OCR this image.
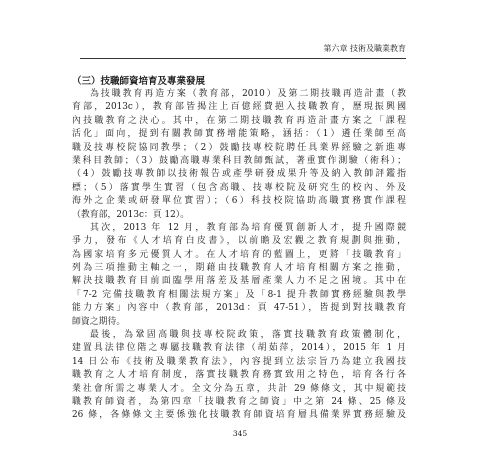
第六章 技術及職業教育
（三）技職師資培育及專業發展
為技職教育再造方案（教育部，2010）及第二期技職再造計畫（教
育部，2013c），教育部皆揭注上百億經費挹入技職教育，歷現振興國
內技職教育之決心。其中，在第二期技職教育再造計畫方案之「課程
活化」面向，提到有關教師實務增能策略，涵括：（1）遴任業師至高
職及技專校院協同教學；（2）鼓勵技專校院聘任具業界經驗之新進專
業科目教師；（3）鼓勵高職專業科目教師甄試，著重實作測驗（術科）；
（4）鼓勵技專教師以技術報告或產學研發成果升等及納入教師評鑑指
標；（5）落實學生實習（包含高職、技專校院及研究生的校內、外及
海外之企業或研發單位實習）；（6）科技校院協助高職實務實作課程
（教育部，2013c：頁 12）。
其次，2013 年 12 月，教育部為培育優質創新人才，提升國際競
爭力，發布《人才培育白皮書》，以前瞻及宏觀之教育規劃與推動，
為國家培育多元優質人才。在人才培育的藍圖上，更將「技職教育」
列為三項推動主軸之一，期藉由技職教育人才培育相關方案之推動，
解決技職教育目前面臨學用落差及基層產業人力不足之困境。其中在
「7-2 完備技職教育相關法規方案」及「8-1 提升教師實務經驗與教學
能力方案」內容中（教育部，2013d：頁 47-51），皆提到對技職教育
師資之期待。
最後，為鞏固高職與技專校院政策，落實技職教育政策體制化，
建置具法律位階之專屬技職教育法律（胡茹萍，2014），2015 年 1 月
14 日公布《技術及職業教育法》，內容提到立法宗旨乃為建立我國技
職教育之人才培育制度，落實技職教育務實致用之特色，培育各行各
業社會所需之專業人才。全文分為五章，共計 29 條條文，其中規範技
職教育師資者，為第四章「技職教育之師資」中之第 24 條、25 條及
26 條，各條條文主要係強化技職教育師資培育層具備業界實務經驗及
345
